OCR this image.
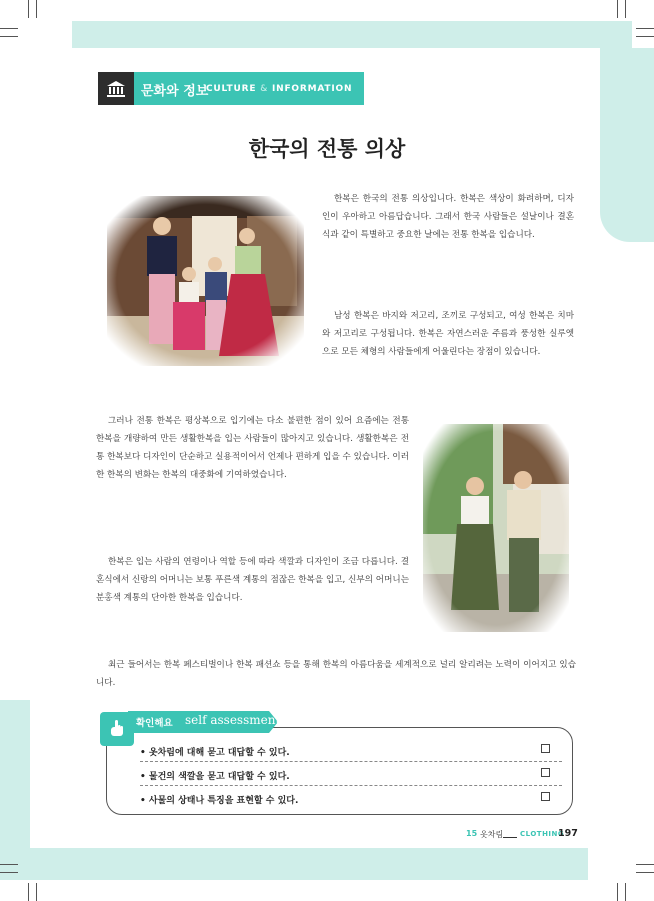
문화와 정보
CULTURE & INFORMATION
한국의 전통 의상
한복은 한국의 전통 의상입니다. 한복은 색상이 화려하며, 디자인이 우아하고 아름답습니다. 그래서 한국 사람들은 설날이나 결혼식과 같이 특별하고 중요한 날에는 전통 한복을 입습니다.
남성 한복은 바지와 저고리, 조끼로 구성되고, 여성 한복은 치마와 저고리로 구성됩니다. 한복은 자연스러운 주름과 풍성한 실루엣으로 모든 체형의 사람들에게 어울린다는 장점이 있습니다.
그러나 전통 한복은 평상복으로 입기에는 다소 불편한 점이 있어 요즘에는 전통 한복을 개량하여 만든 생활한복을 입는 사람들이 많아지고 있습니다. 생활한복은 전통 한복보다 디자인이 단순하고 실용적이어서 언제나 편하게 입을 수 있습니다. 이러한 한복의 변화는 한복의 대중화에 기여하였습니다.
한복은 입는 사람의 연령이나 역할 등에 따라 색깔과 디자인이 조금 다릅니다. 결혼식에서 신랑의 어머니는 보통 푸른색 계통의 점잖은 한복을 입고, 신부의 어머니는 분홍색 계통의 단아한 한복을 입습니다.
최근 들어서는 한복 페스티벌이나 한복 패션쇼 등을 통해 한복의 아름다움을 세계적으로 널리 알리려는 노력이 이어지고 있습니다.
확인해요 self assessment
• 옷차림에 대해 묻고 대답할 수 있다.
• 물건의 색깔을 묻고 대답할 수 있다.
• 사물의 상태나 특징을 표현할 수 있다.
15 옷차림 CLOTHING
197
